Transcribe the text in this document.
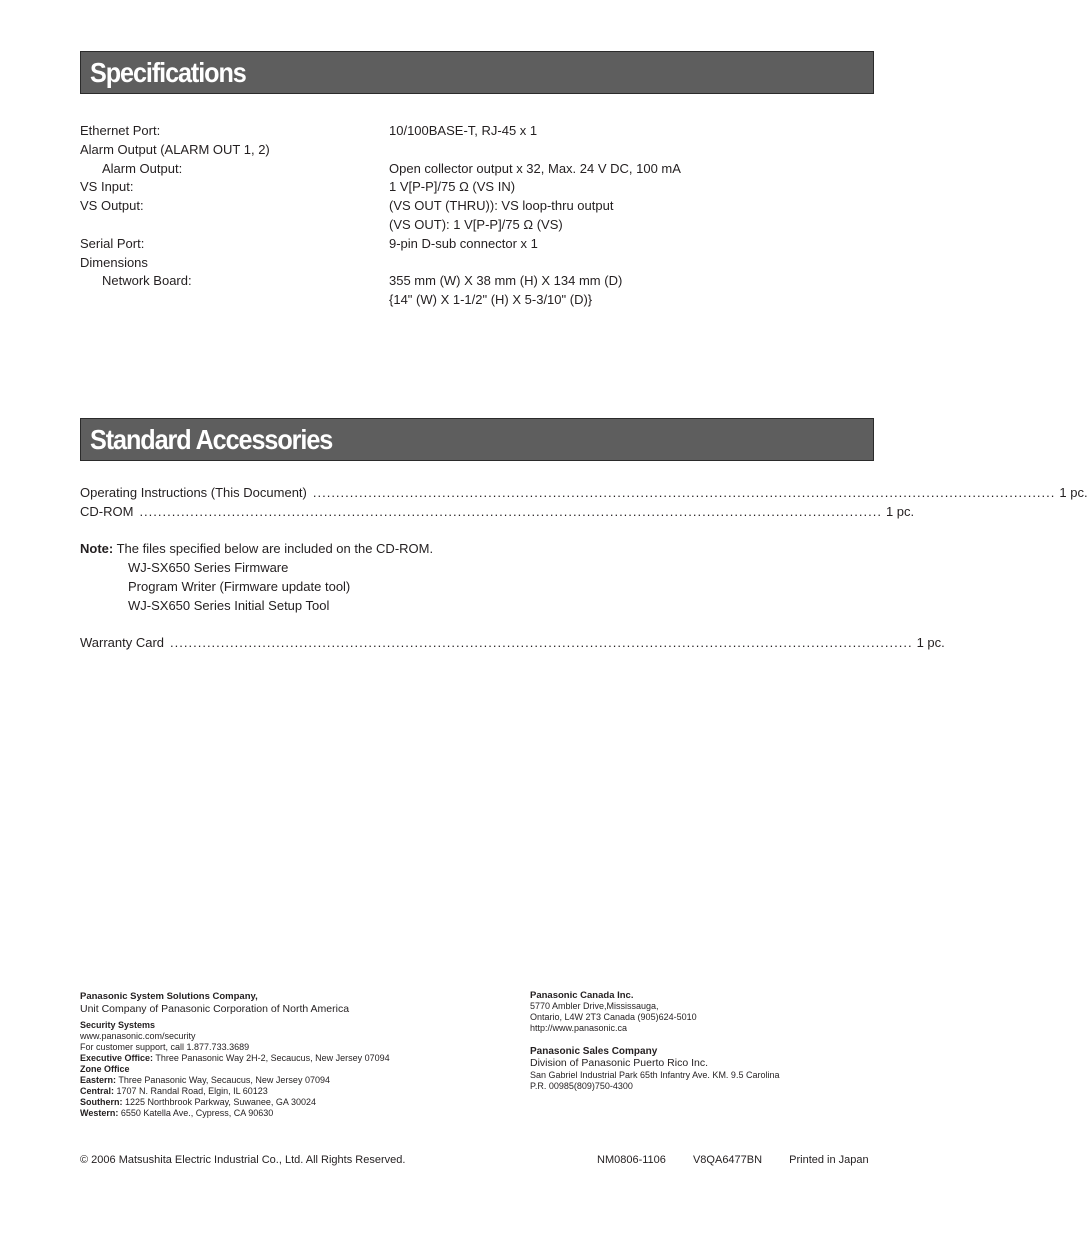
Specifications
Ethernet Port:	10/100BASE-T, RJ-45 x 1
Alarm Output (ALARM OUT 1, 2)
Alarm Output:	Open collector output x 32, Max. 24 V DC, 100 mA
VS Input:	1 V[P-P]/75 Ω (VS IN)
VS Output:	(VS OUT (THRU)): VS loop-thru output
(VS OUT): 1 V[P-P]/75 Ω (VS)
Serial Port:	9-pin D-sub connector x 1
Dimensions
Network Board:	355 mm (W) X 38 mm (H) X 134 mm (D)
{14" (W) X 1-1/2" (H) X 5-3/10" (D)}
Standard Accessories
Operating Instructions (This Document) ................................................................................................................................................................. 1 pc.
CD-ROM ................................................................................................................................................................. 1 pc.
Note: The files specified below are included on the CD-ROM.
WJ-SX650 Series Firmware
Program Writer (Firmware update tool)
WJ-SX650 Series Initial Setup Tool
Warranty Card ................................................................................................................................................................. 1 pc.
Panasonic System Solutions Company,
Unit Company of Panasonic Corporation of North America
Security Systems
www.panasonic.com/security
For customer support, call 1.877.733.3689
Executive Office: Three Panasonic Way 2H-2, Secaucus, New Jersey 07094
Zone Office
Eastern: Three Panasonic Way, Secaucus, New Jersey 07094
Central: 1707 N. Randal Road, Elgin, IL 60123
Southern: 1225 Northbrook Parkway, Suwanee, GA 30024
Western: 6550 Katella Ave., Cypress, CA 90630
Panasonic Canada Inc.
5770 Ambler Drive,Mississauga,
Ontario, L4W 2T3 Canada (905)624-5010
http://www.panasonic.ca
Panasonic Sales Company
Division of Panasonic Puerto Rico Inc.
San Gabriel Industrial Park 65th Infantry Ave. KM. 9.5 Carolina
P.R. 00985(809)750-4300
© 2006 Matsushita Electric Industrial Co., Ltd. All Rights Reserved.	NM0806-1106 V8QA6477BN Printed in Japan
